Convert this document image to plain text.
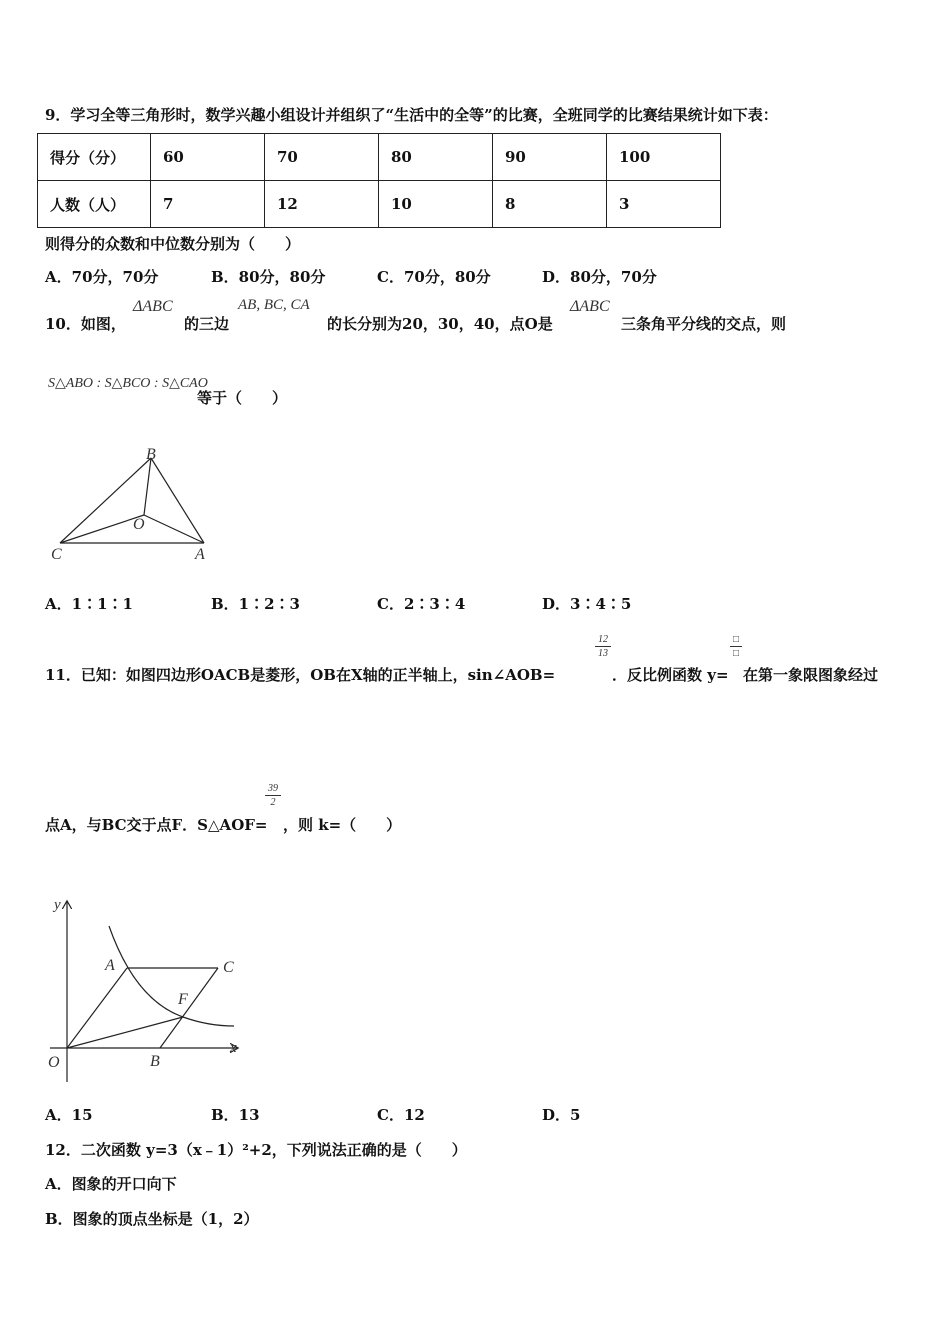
9．学习全等三角形时，数学兴趣小组设计并组织了“生活中的全等”的比赛，全班同学的比赛结果统计如下表：
得分（分）	60	70	80	90	100
人数（人）	7	12	10	8	3
则得分的众数和中位数分别为（　　）
A．70分，70分	B．80分，80分	C．70分，80分	D．80分，70分
10．如图，
ΔABC
的三边
AB, BC, CA
的长分别为20，30，40，点O是
ΔABC
三条角平分线的交点，则
S△ABO : S△BCO : S△CAO
等于（　　）
B
O
C	A
A．1∶1∶1	B．1∶2∶3	C．2∶3∶4	D．3∶4∶5
11．已知：如图四边形OACB是菱形，OB在X轴的正半轴上，sin∠AOB=
12
13
．反比例函数 y=
□
□
在第一象限图象经过
点A，与BC交于点F．S△AOF=
39
2
，则 k=（　　）
y
x
O
A
B
C
F
A．15	B．13	C．12	D．5
12．二次函数 y=3（x﹣1）²+2，下列说法正确的是（　　）
A．图象的开口向下
B．图象的顶点坐标是（1，2）
